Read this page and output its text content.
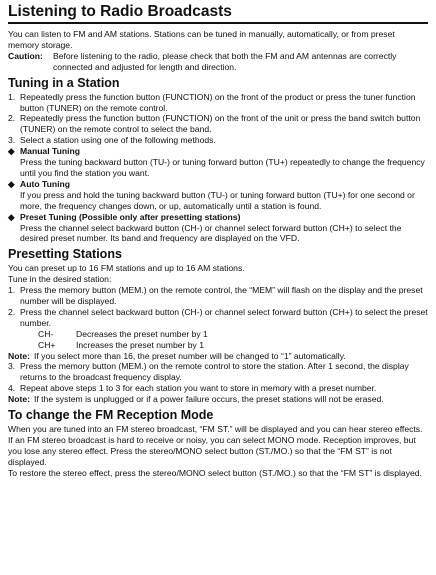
Listening to Radio Broadcasts

You can listen to FM and AM stations. Stations can be tuned in manually, automatically, or from preset memory storage.

Caution:	Before listening to the radio, please check that both the FM and AM antennas are correctly connected and adjusted for length and direction.
Tuning in a Station
1. Repeatedly press the function button (FUNCTION) on the front of the product or press the tuner function button (TUNER) on the remote control.
2. Repeatedly press the function button (FUNCTION) on the front of the unit or press the band switch button (TUNER) on the remote control to select the band.
3. Select a station using one of the following methods.
◆ Manual Tuning
Press the tuning backward button (TU-) or tuning forward button (TU+) repeatedly to change the frequency until you find the station you want.
◆ Auto Tuning
If you press and hold the tuning backward button (TU-) or tuning forward button (TU+) for one second or more, the frequency changes down, or up, automatically until a station is found.
◆ Preset Tuning (Possible only after presetting stations)
Press the channel select backward button (CH-) or channel select forward button (CH+) to select the desired preset number. Its band and frequency are displayed on the VFD.
Presetting Stations

You can preset up to 16 FM stations and up to 16 AM stations.

Tune in the desired station:

1. Press the memory button (MEM.) on the remote control, the “MEM” will flash on the display and the preset number will be displayed.
2. Press the channel select backward button (CH-) or channel select forward button (CH+) to select the preset number.
CH-	Decreases the preset number by 1
CH+	Increases the preset number by 1
Note: If you select more than 16, the preset number will be changed to “1” automatically.
3. Press the memory button (MEM.) on the remote control to store the station. After 1 second, the display returns to the broadcast frequency display.
4. Repeat above steps 1 to 3 for each station you want to store in memory with a preset number.
Note: If the system is unplugged or if a power failure occurs, the preset stations will not be erased.
To change the FM Reception Mode

When you are tuned into an FM stereo broadcast, “FM ST.” will be displayed and you can hear stereo effects.

If an FM stereo broadcast is hard to receive or noisy, you can select MONO mode. Reception improves, but you lose any stereo effect. Press the stereo/MONO select button (ST./MO.) so that the “FM ST” is not displayed.

To restore the stereo effect, press the stereo/MONO select button (ST./MO.) so that the “FM ST” is displayed.
